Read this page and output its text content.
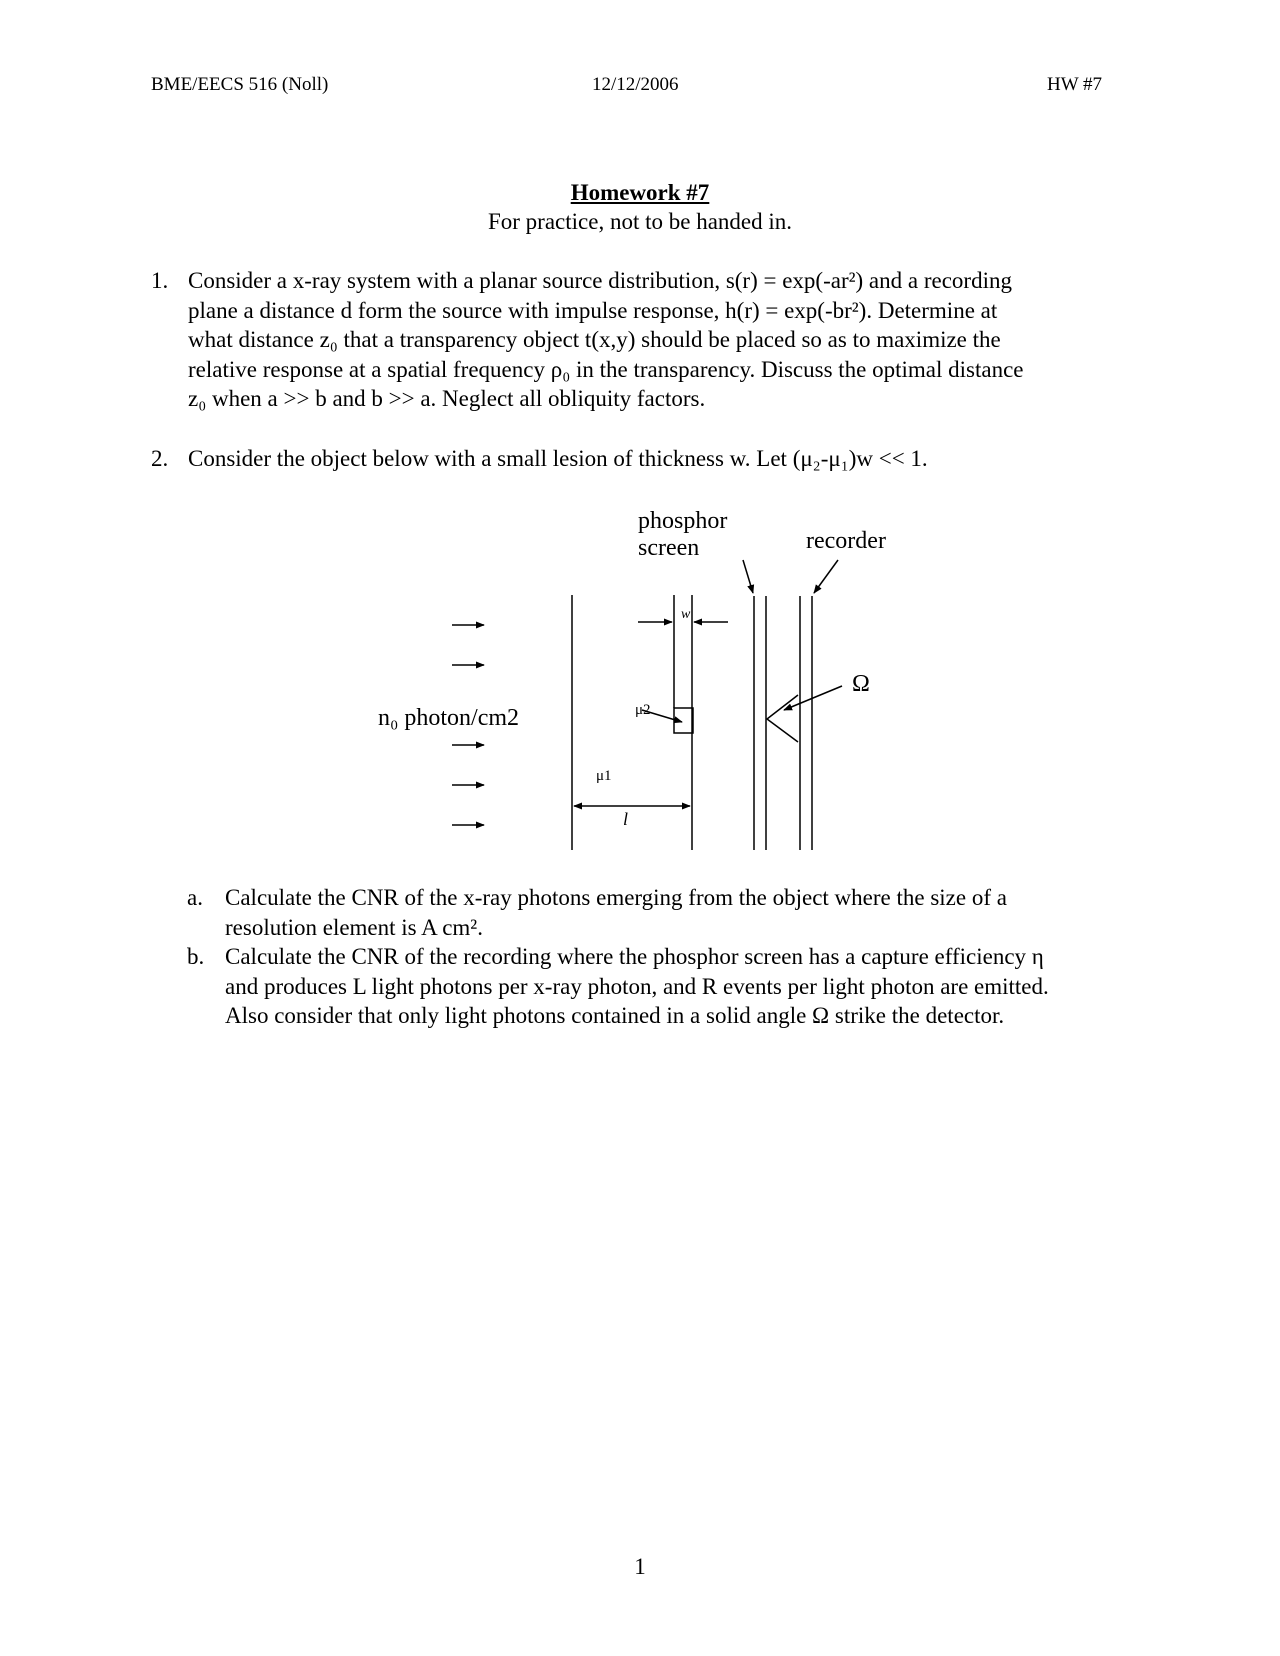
BME/EECS 516 (Noll)	12/12/2006	HW #7
Homework #7
For practice, not to be handed in.
1. Consider a x-ray system with a planar source distribution, s(r) = exp(-ar²) and a recording
plane a distance d form the source with impulse response, h(r) = exp(-br²). Determine at
what distance z₀ that a transparency object t(x,y) should be placed so as to maximize the
relative response at a spatial frequency ρ₀ in the transparency. Discuss the optimal distance
z₀ when a >> b and b >> a. Neglect all obliquity factors.
2. Consider the object below with a small lesion of thickness w. Let (μ₂-μ₁)w << 1.
phosphor
screen	recorder
Ω
n₀ photon/cm2
μ1
μ2
w
l
a. Calculate the CNR of the x-ray photons emerging from the object where the size of a
resolution element is A cm².
b. Calculate the CNR of the recording where the phosphor screen has a capture efficiency η
and produces L light photons per x-ray photon, and R events per light photon are emitted.
Also consider that only light photons contained in a solid angle Ω strike the detector.
1
